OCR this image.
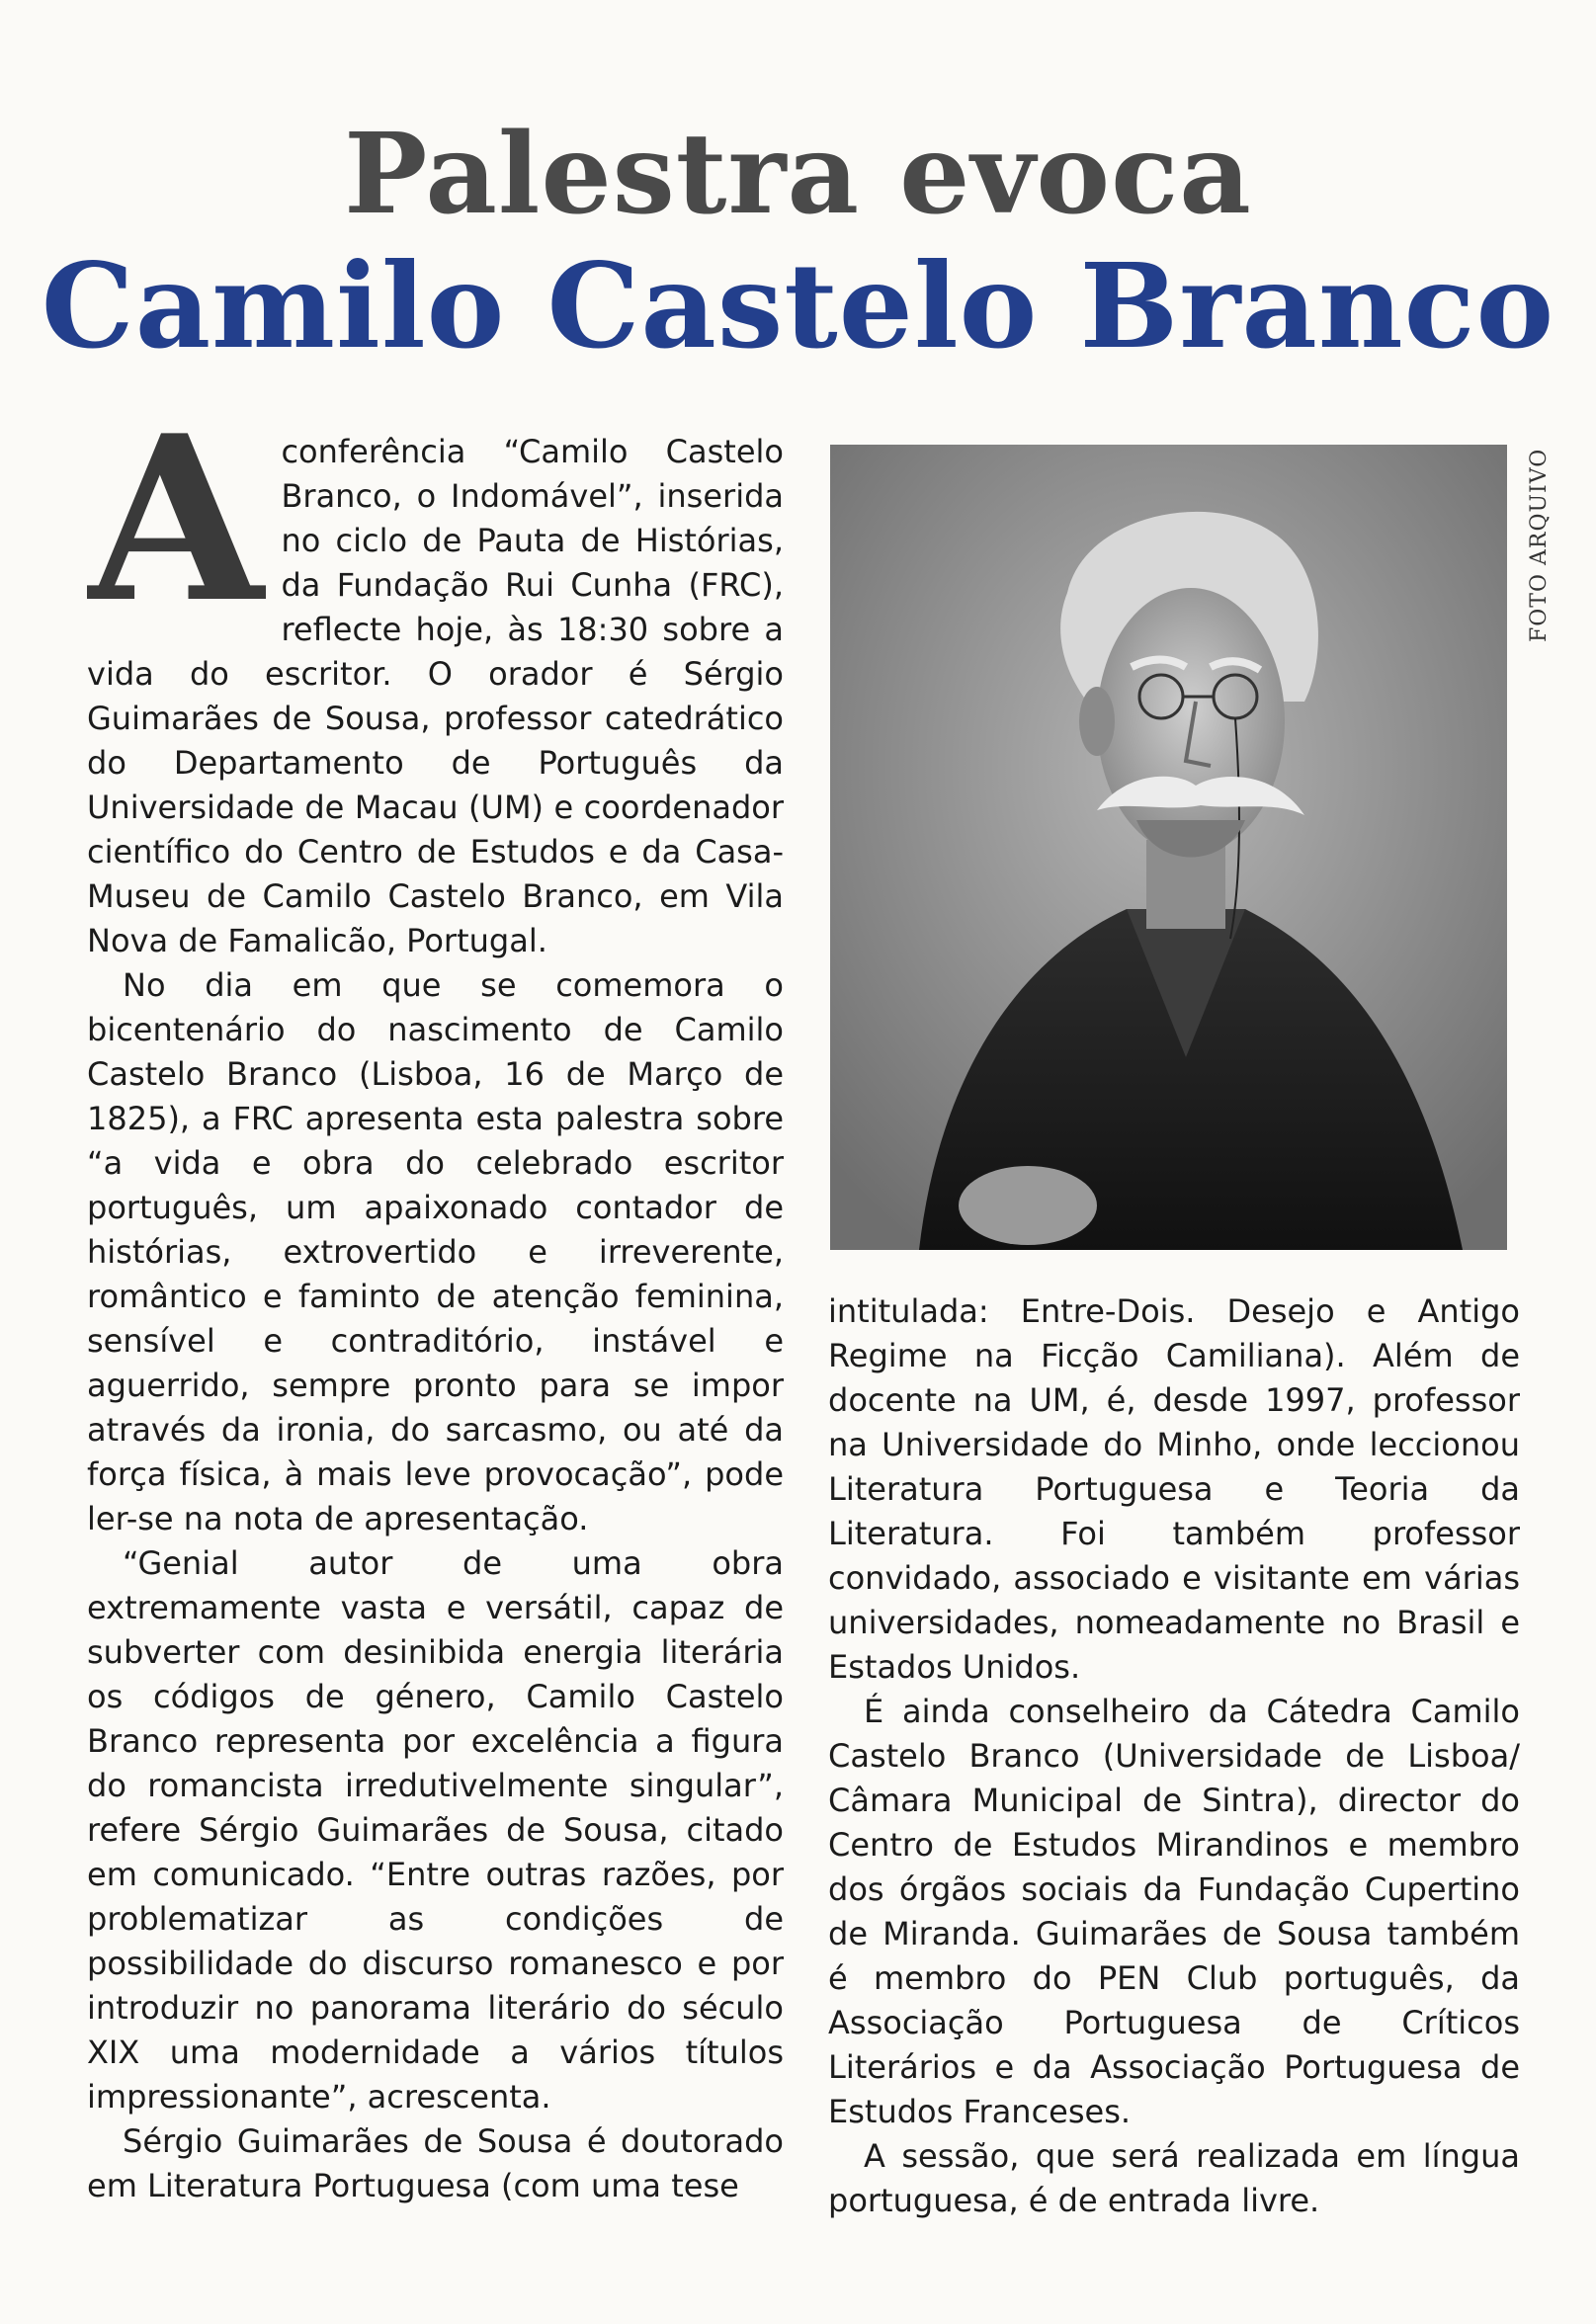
Palestra evoca
Camilo Castelo Branco

A conferência “Camilo Castelo Branco, o Indomável”, inserida no ciclo de Pauta de Histórias, da Fundação Rui Cunha (FRC), reflecte hoje, às 18:30 sobre a vida do escritor. O orador é Sérgio Guimarães de Sousa, professor catedrático do Departamento de Português da Universidade de Macau (UM) e coordenador científico do Centro de Estudos e da Casa-Museu de Camilo Castelo Branco, em Vila Nova de Famalicão, Portugal.

No dia em que se comemora o bicentenário do nascimento de Camilo Castelo Branco (Lisboa, 16 de Março de 1825), a FRC apresenta esta palestra sobre “a vida e obra do celebrado escritor português, um apaixonado contador de histórias, extrovertido e irreverente, romântico e faminto de atenção feminina, sensível e contraditório, instável e aguerrido, sempre pronto para se impor através da ironia, do sarcasmo, ou até da força física, à mais leve provocação”, pode ler-se na nota de apresentação.

“Genial autor de uma obra extremamente vasta e versátil, capaz de subverter com desinibida energia literária os códigos de género, Camilo Castelo Branco representa por excelência a figura do romancista irredutivelmente singular”, refere Sérgio Guimarães de Sousa, citado em comunicado. “Entre outras razões, por problematizar as condições de possibilidade do discurso romanesco e por introduzir no panorama literário do século XIX uma modernidade a vários títulos impressionante”, acrescenta.

Sérgio Guimarães de Sousa é doutorado em Literatura Portuguesa (com uma tese

FOTO ARQUIVO

intitulada: Entre-Dois. Desejo e Antigo Regime na Ficção Camiliana). Além de docente na UM, é, desde 1997, professor na Universidade do Minho, onde leccionou Literatura Portuguesa e Teoria da Literatura. Foi também professor convidado, associado e visitante em várias universidades, nomeadamente no Brasil e Estados Unidos.

É ainda conselheiro da Cátedra Camilo Castelo Branco (Universidade de Lisboa/ Câmara Municipal de Sintra), director do Centro de Estudos Mirandinos e membro dos órgãos sociais da Fundação Cupertino de Miranda. Guimarães de Sousa também é membro do PEN Club português, da Associação Portuguesa de Críticos Literários e da Associação Portuguesa de Estudos Franceses.

A sessão, que será realizada em língua portuguesa, é de entrada livre.
